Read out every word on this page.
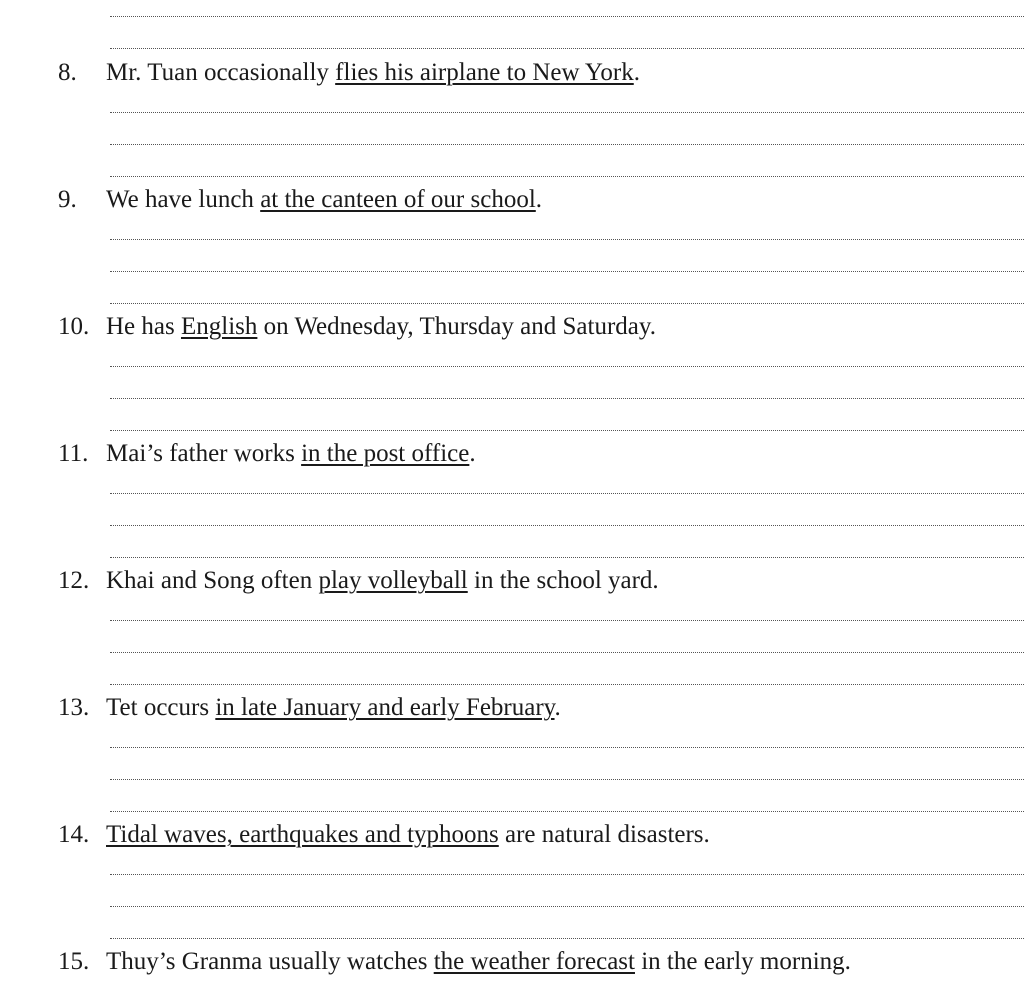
8. Mr. Tuan occasionally flies his airplane to New York.
9. We have lunch at the canteen of our school.
10. He has English on Wednesday, Thursday and Saturday.
11. Mai’s father works in the post office.
12. Khai and Song often play volleyball in the school yard.
13. Tet occurs in late January and early February.
14. Tidal waves, earthquakes and typhoons are natural disasters.
15. Thuy’s Granma usually watches the weather forecast in the early morning.
